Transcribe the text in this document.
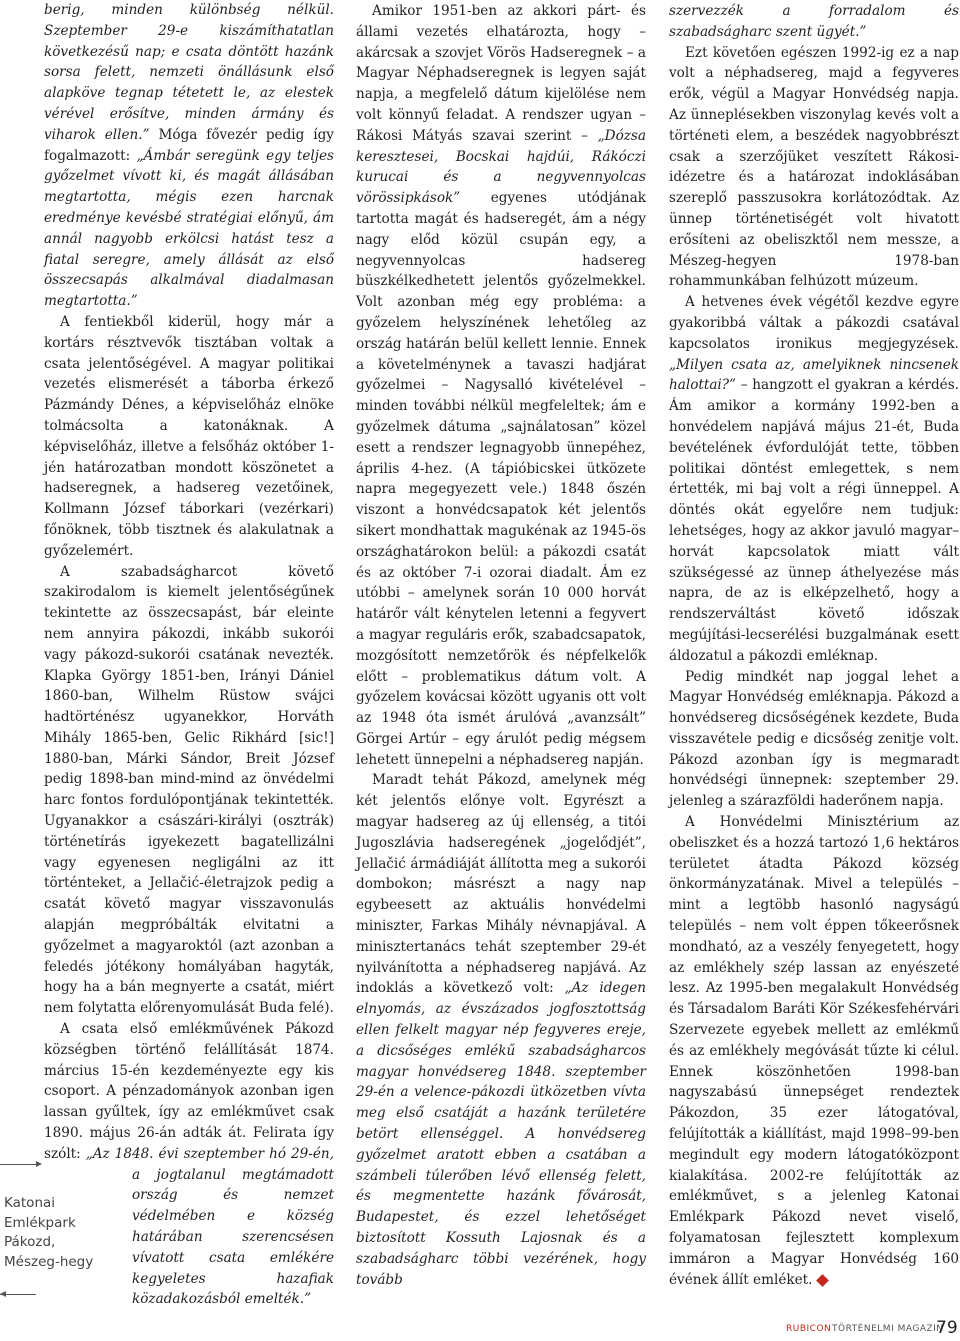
berig, minden különbség nélkül. Szeptember 29-e kiszámíthatatlan következésű nap; e csata döntött hazánk sorsa felett, nemzeti önállásunk első alapköve tegnap tétetett le, az elestek vérével erősítve, minden ármány és viharok ellen.” Móga fővezér pedig így fogalmazott: „Ámbár seregünk egy teljes győzelmet vívott ki, és magát állásában megtartotta, mégis ezen harcnak eredménye kevésbé stratégiai előnyű, ám annál nagyobb erkölcsi hatást tesz a fiatal seregre, amely állását az első összecsapás alkalmával diadalmasan megtartotta.”

A fentiekből kiderül, hogy már a kortárs résztvevők tisztában voltak a csata jelentőségével. A magyar politikai vezetés elismerését a táborba érkező Pázmándy Dénes, a képviselőház elnöke tolmácsolta a katonáknak. A képviselőház, illetve a felsőház október 1-jén határozatban mondott köszönetet a hadseregnek, a hadsereg vezetőinek, Kollmann József táborkari (vezérkari) főnöknek, több tisztnek és alakulatnak a győzelemért.

A szabadságharcot követő szakirodalom is kiemelt jelentőségűnek tekintette az összecsapást, bár eleinte nem annyira pákozdi, inkább sukorói vagy pákozd-sukorói csatának nevezték. Klapka György 1851-ben, Irányi Dániel 1860-ban, Wilhelm Rüstow svájci hadtörténész ugyanekkor, Horváth Mihály 1865-ben, Gelic Rikhárd [sic!] 1880-ban, Márki Sándor, Breit József pedig 1898-ban mind-mind az önvédelmi harc fontos fordulópontjának tekintették. Ugyanakkor a császári-királyi (osztrák) történetírás igyekezett bagatellizálni vagy egyenesen negligálni az itt történteket, a Jellačić-életrajzok pedig a csatát követő magyar visszavonulás alapján megpróbálták elvitatni a győzelmet a magyaroktól (azt azonban a feledés jótékony homályában hagyták, hogy ha a bán megnyerte a csatát, miért nem folytatta előrenyomulását Buda felé).

A csata első emlékművének Pákozd községben történő felállítását 1874. március 15-én kezdeményezte egy kis csoport. A pénzadományok azonban igen lassan gyűltek, így az emlékművet csak 1890. május 26-án adták át. Felirata így szólt:
„Az 1848. évi szeptember hó 29-én, a jogtalanul megtámadott ország és nemzet védelmében e község határában szerencsésen vívatott csata emlékére kegyeletes hazafiak közadakozásból emelték.”

Amikor 1951-ben az akkori párt- és állami vezetés elhatározta, hogy – akárcsak a szovjet Vörös Hadseregnek – a Magyar Néphadseregnek is legyen saját napja, a megfelelő dátum kijelölése nem volt könnyű feladat. A rendszer ugyan – Rákosi Mátyás szavai szerint – „Dózsa keresztesei, Bocskai hajdúi, Rákóczi kurucai és a negyvennyolcas vörössipkások” egyenes utódjának tartotta magát és hadseregét, ám a négy nagy előd közül csupán egy, a negyvennyolcas hadsereg büszkélkedhetett jelentős győzelmekkel. Volt azonban még egy probléma: a győzelem helyszínének lehetőleg az ország határán belül kellett lennie. Ennek a követelménynek a tavaszi hadjárat győzelmei – Nagysalló kivételével – minden további nélkül megfeleltek; ám e győzelmek dátuma „sajnálatosan” közel esett a rendszer legnagyobb ünnepéhez, április 4-hez. (A tápióbicskei ütközete napra megegyezett vele.) 1848 őszén viszont a honvédcsapatok két jelentős sikert mondhattak magukénak az 1945-ös országhatárokon belül: a pákozdi csatát és az október 7-i ozorai diadalt. Ám ez utóbbi – amelynek során 10 000 horvát határőr vált kénytelen letenni a fegyvert a magyar reguláris erők, szabadcsapatok, mozgósított nemzetőrök és népfelkelők előtt – problematikus dátum volt. A győzelem kovácsai között ugyanis ott volt az 1948 óta ismét árulóvá „avanzsált” Görgei Artúr – egy árulót pedig mégsem lehetett ünnepelni a néphadsereg napján.

Maradt tehát Pákozd, amelynek még két jelentős előnye volt. Egyrészt a magyar hadsereg az új ellenség, a titói Jugoszlávia hadseregének „jogelődjét”, Jellačić ármádiáját állította meg a sukorói dombokon; másrészt a nagy nap egybeesett az aktuális honvédelmi miniszter, Farkas Mihály névnapjával. A minisztertanács tehát szeptember 29-ét nyilvánította a néphadsereg napjává. Az indoklás a következő volt: „Az idegen elnyomás, az évszázados jogfosztottság ellen felkelt magyar nép fegyveres ereje, a dicsőséges emlékű szabadságharcos magyar honvédsereg 1848. szeptember 29-én a velence-pákozdi ütközetben vívta meg első csatáját a hazánk területére betört ellenséggel. A honvédsereg győzelmet aratott ebben a csatában a számbeli túlerőben lévő ellenség felett, és megmentette hazánk fővárosát, Budapestet, és ezzel lehetőséget biztosított Kossuth Lajosnak és a szabadságharc többi vezérének, hogy tovább

szervezzék a forradalom és szabadságharc szent ügyét.”

Ezt követően egészen 1992-ig ez a nap volt a néphadsereg, majd a fegyveres erők, végül a Magyar Honvédség napja. Az ünneplésekben viszonylag kevés volt a történeti elem, a beszédek nagyobbrészt csak a szerzőjüket veszített Rákosi-idézetre és a határozat indoklásában szereplő passzusokra korlátozódtak. Az ünnep történetiségét volt hivatott erősíteni az obeliszktől nem messze, a Mészeg-hegyen 1978-ban rohammunkában felhúzott múzeum.

A hetvenes évek végétől kezdve egyre gyakoribbá váltak a pákozdi csatával kapcsolatos ironikus megjegyzések. „Milyen csata az, amelyiknek nincsenek halottai?” – hangzott el gyakran a kérdés. Ám amikor a kormány 1992-ben a honvédelem napjává május 21-ét, Buda bevételének évfordulóját tette, többen politikai döntést emlegettek, s nem értették, mi baj volt a régi ünneppel. A döntés okát egyelőre nem tudjuk: lehetséges, hogy az akkor javuló magyar–horvát kapcsolatok miatt vált szükségessé az ünnep áthelyezése más napra, de az is elképzelhető, hogy a rendszerváltást követő időszak megújítási-lecserélési buzgalmának esett áldozatul a pákozdi emléknap.

Pedig mindkét nap joggal lehet a Magyar Honvédség emléknapja. Pákozd a honvédsereg dicsőségének kezdete, Buda visszavétele pedig e dicsőség zenitje volt. Pákozd azonban így is megmaradt honvédségi ünnepnek: szeptember 29. jelenleg a szárazföldi haderőnem napja.

A Honvédelmi Minisztérium az obeliszket és a hozzá tartozó 1,6 hektáros területet átadta Pákozd község önkormányzatának. Mivel a település – mint a legtöbb hasonló nagyságú település – nem volt éppen tőkeerősnek mondható, az a veszély fenyegetett, hogy az emlékhely szép lassan az enyészeté lesz. Az 1995-ben megalakult Honvédség és Társadalom Baráti Kör Székesfehérvári Szervezete egyebek mellett az emlékmű és az emlékhely megóvását tűzte ki célul. Ennek köszönhetően 1998-ban nagyszabású ünnepséget rendeztek Pákozdon, 35 ezer látogatóval, felújították a kiállítást, majd 1998–99-ben megindult egy modern látogatóközpont kialakítása. 2002-re felújították az emlékművet, s a jelenleg Katonai Emlékpark Pákozd nevet viselő, folyamatosan fejlesztett komplexum immáron a Magyar Honvédség 160 évének állít emléket.

Katonai
Emlékpark
Pákozd,
Mészeg-hegy
RUBICON TÖRTÉNELMI MAGAZIN
79
